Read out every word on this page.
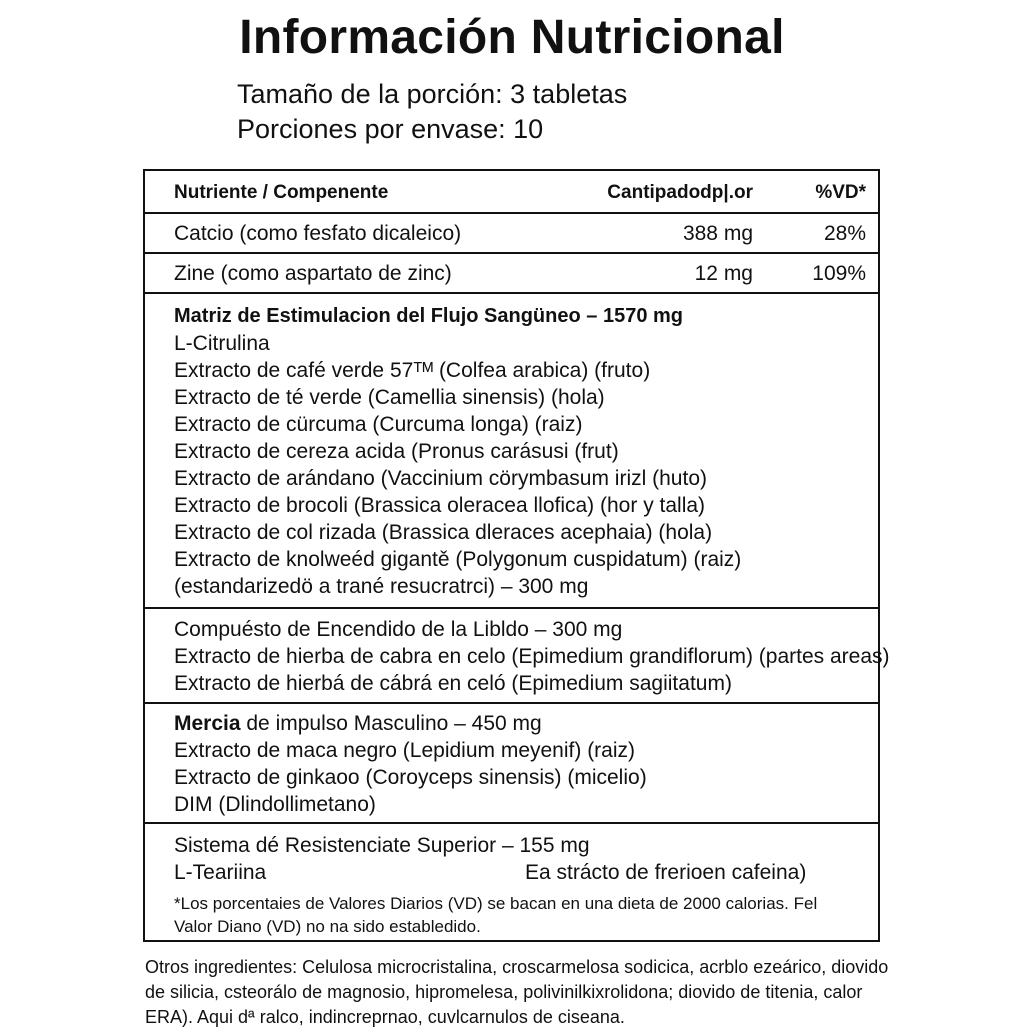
Información Nutricional
Tamaño de la porción: 3 tabletas
Porciones por envase: 10
Nutriente / Compenente	Cantipadodp|.or	%VD*
Catcio (como fesfato dicaleico)	388 mg	28%
Zine (como aspartato de zinc)	12 mg	109%
Matriz de Estimulacion del Flujo Sangüneo – 1570 mg
L-Citrulina
Extracto de café verde 57ᵀᴹ (Colfea arabica) (fruto)
Extracto de té verde (Camellia sinensis) (hola)
Extracto de cürcuma (Curcuma longa) (raiz)
Extracto de cereza acida (Pronus carásusi (frut)
Extracto de arándano (Vaccinium cörymbasum irizl (huto)
Extracto de brocoli (Brassica oleracea llofica) (hor y talla)
Extracto de col rizada (Brassica dleraces acephaia) (hola)
Extracto de knolweéd gigantě (Polygonum cuspidatum) (raiz)
(estandarizedö a trané resucratrci) – 300 mg
Compuésto de Encendido de la Libldo – 300 mg
Extracto de hierba de cabra en celo (Epimedium grandiflorum) (partes areas)
Extracto de hierbá de cábrá en celó (Epimedium sagiitatum)
Mercia de impulso Masculino – 450 mg
Extracto de maca negro (Lepidium meyenif) (raiz)
Extracto de ginkaoo (Coroyceps sinensis) (micelio)
DIM (Dlindollimetano)
Sistema dé Resistenciate Superior – 155 mg
L-Teariina	Ea strácto de frerioen cafeina)
*Los porcentaies de Valores Diarios (VD) se bacan en una dieta de 2000 calorias. Fel Valor Diano (VD) no na sido establedido.
Otros ingredientes: Celulosa microcristalina, croscarmelosa sodicica, acrblo ezeárico, diovido de silicia, csteorálo de magnosio, hipromelesa, polivinilkixrolidona; diovido de titenia, calor ERA). Aqui dª ralco, indincreprnao, cuvlcarnulos de ciseana.
